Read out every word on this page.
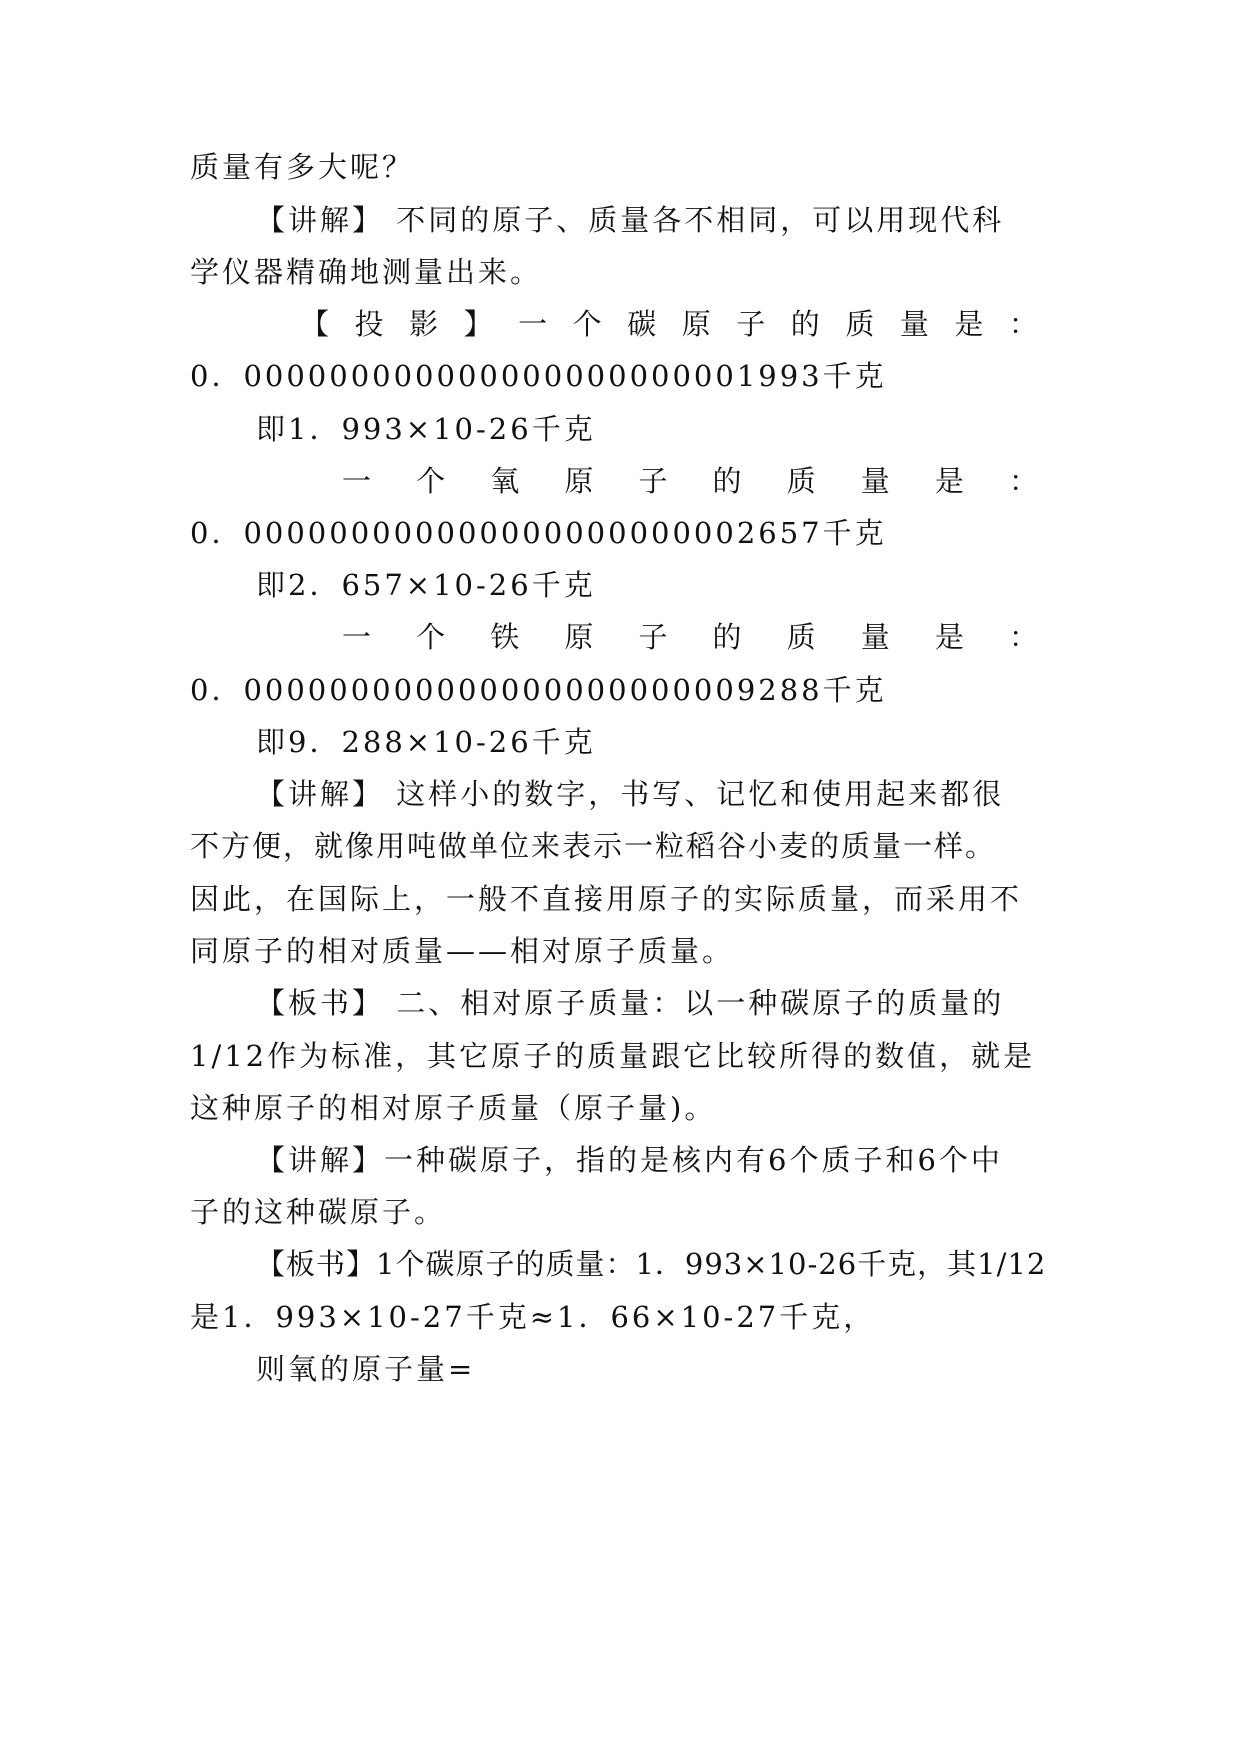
质量有多大呢？
【讲解】 不同的原子、质量各不相同，可以用现代科
学仪器精确地测量出来。
【 投 影 】 一 个 碳 原 子 的 质 量 是 ：
0．000000000000000000000001993千克
即1．993×10-26千克
一 个 氧 原 子 的 质 量 是 ：
0．000000000000000000000002657千克
即2．657×10-26千克
一 个 铁 原 子 的 质 量 是 ：
0．000000000000000000000009288千克
即9．288×10-26千克
【讲解】 这样小的数字，书写、记忆和使用起来都很
不方便，就像用吨做单位来表示一粒稻谷小麦的质量一样。
因此，在国际上，一般不直接用原子的实际质量，而采用不
同原子的相对质量——相对原子质量。
【板书】 二、相对原子质量：以一种碳原子的质量的
1/12作为标准，其它原子的质量跟它比较所得的数值，就是
这种原子的相对原子质量（原子量)。
【讲解】一种碳原子，指的是核内有6个质子和6个中
子的这种碳原子。
【板书】1个碳原子的质量：1．993×10-26千克，其1/12
是1．993×10-27千克≈1．66×10-27千克，
则氧的原子量=
